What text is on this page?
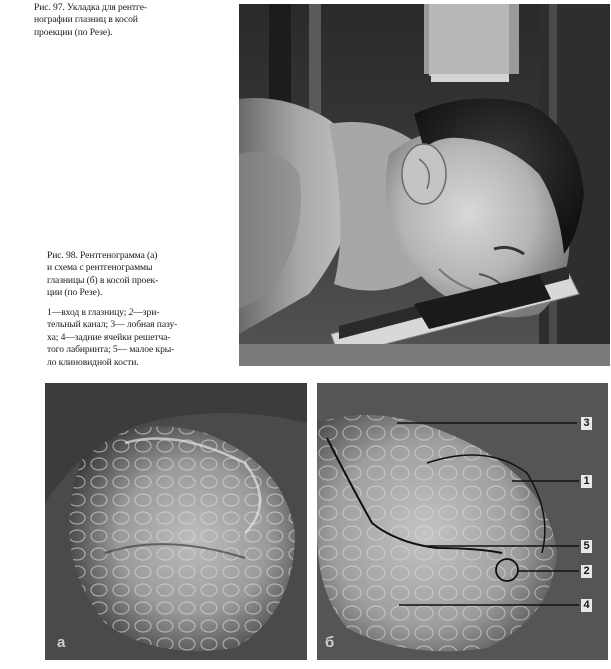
Рис. 97. Укладка для рентге-
нографии глазниц в косой
проекции (по Резе).
Рис. 98. Рентгенограмма (а)
и схема с рентгенограммы
глазницы (б) в косой проек-
ции (по Резе).
1—вход в глазницу; 2—зри-
тельный канал; 3— лобная пазу-
ха; 4—задние ячейки решетча-
того лабиринта; 5— малое кры-
ло клиновидной кости.
а
3
1
5
2
4
б
